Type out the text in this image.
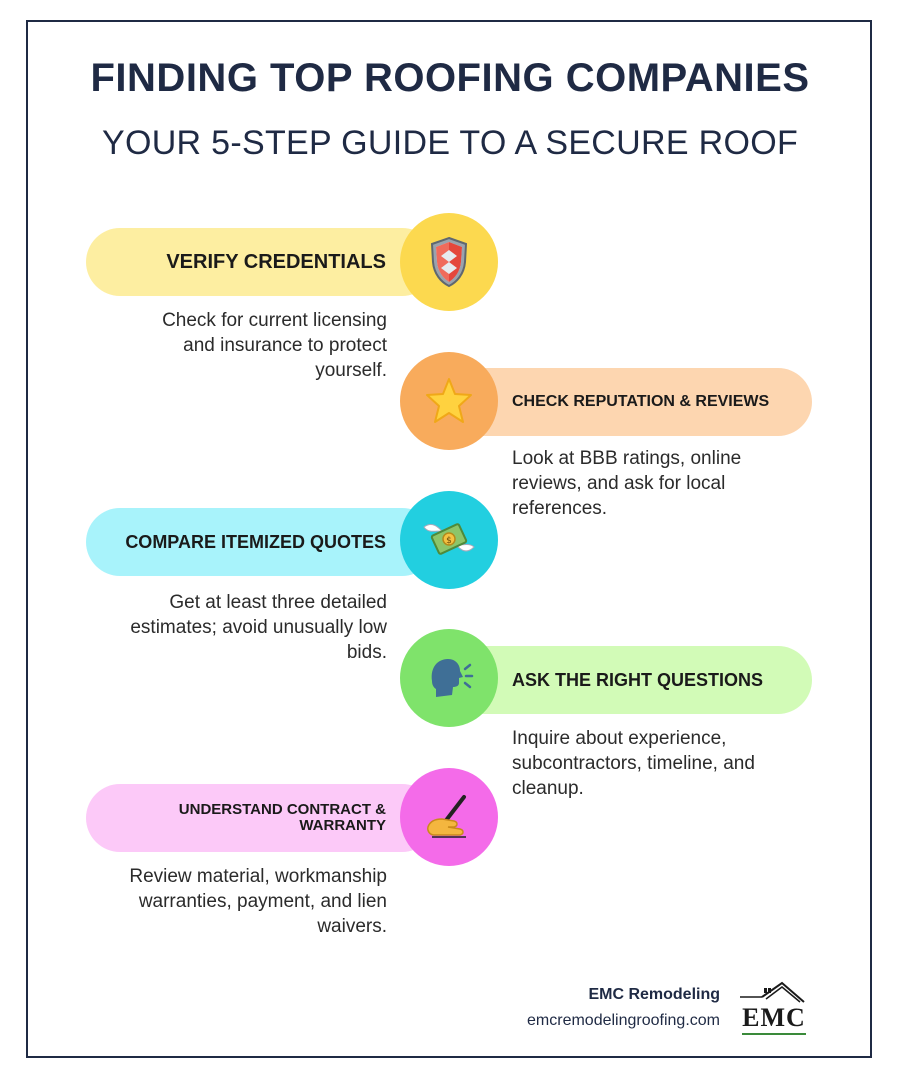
FINDING TOP ROOFING COMPANIES
YOUR 5-STEP GUIDE TO A SECURE ROOF
VERIFY CREDENTIALS
Check for current licensing and insurance to protect yourself.
CHECK REPUTATION & REVIEWS
Look at BBB ratings, online reviews, and ask for local references.
COMPARE ITEMIZED QUOTES	$
Get at least three detailed estimates; avoid unusually low bids.
ASK THE RIGHT QUESTIONS
Inquire about experience, subcontractors, timeline, and cleanup.
UNDERSTAND CONTRACT & WARRANTY
Review material, workmanship warranties, payment, and lien waivers.
EMC Remodeling
emcremodelingroofing.com EMC
